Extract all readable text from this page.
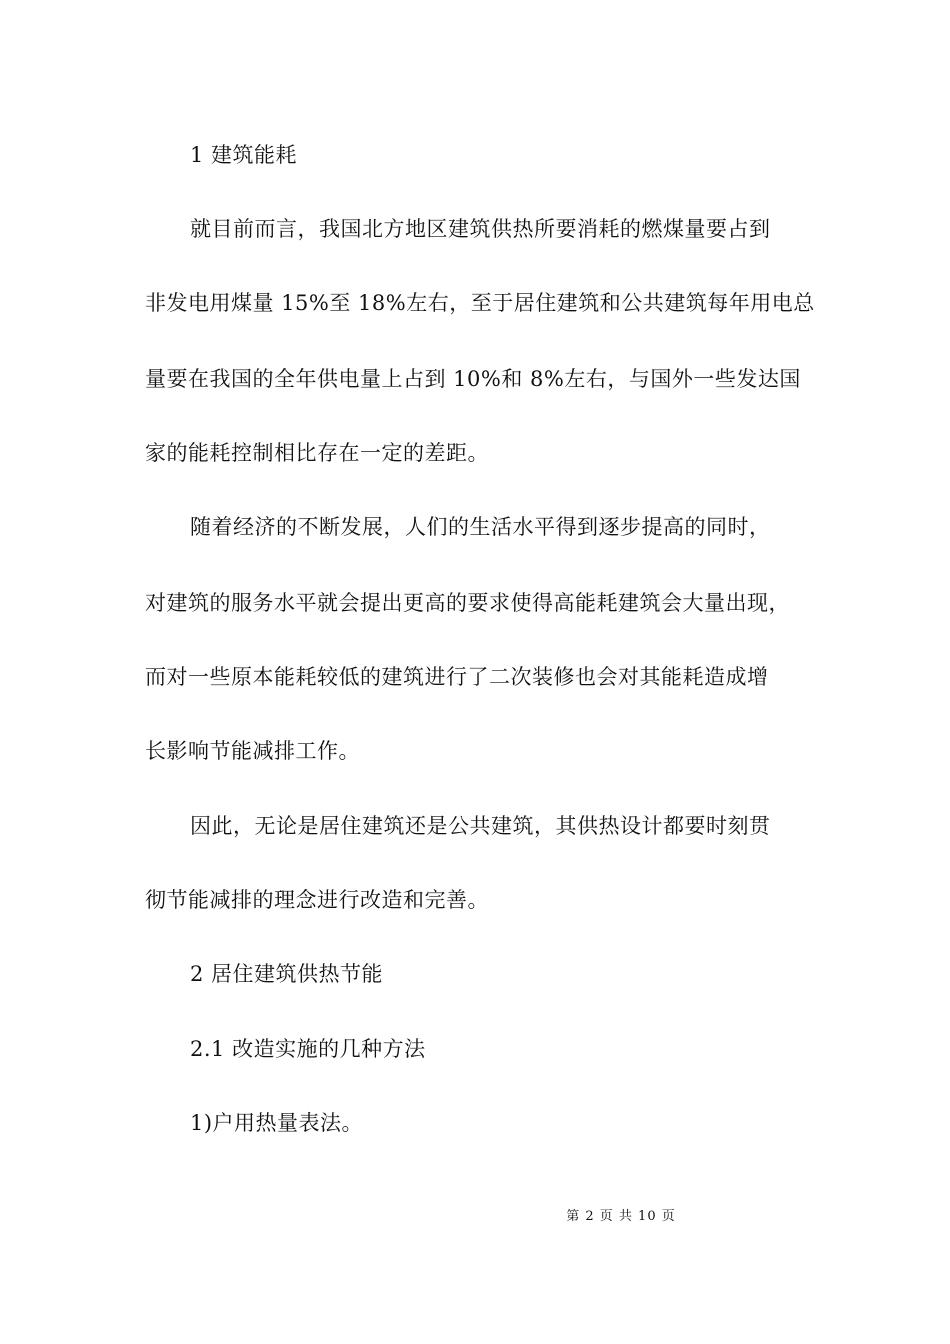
1 建筑能耗
就目前而言，我国北方地区建筑供热所要消耗的燃煤量要占到
非发电用煤量 15%至 18%左右，至于居住建筑和公共建筑每年用电总
量要在我国的全年供电量上占到 10%和 8%左右，与国外一些发达国
家的能耗控制相比存在一定的差距。
随着经济的不断发展，人们的生活水平得到逐步提高的同时，
对建筑的服务水平就会提出更高的要求使得高能耗建筑会大量出现，
而对一些原本能耗较低的建筑进行了二次装修也会对其能耗造成增
长影响节能减排工作。
因此，无论是居住建筑还是公共建筑，其供热设计都要时刻贯
彻节能减排的理念进行改造和完善。
2 居住建筑供热节能
2.1 改造实施的几种方法
1)户用热量表法。
第 2 页 共 10 页
